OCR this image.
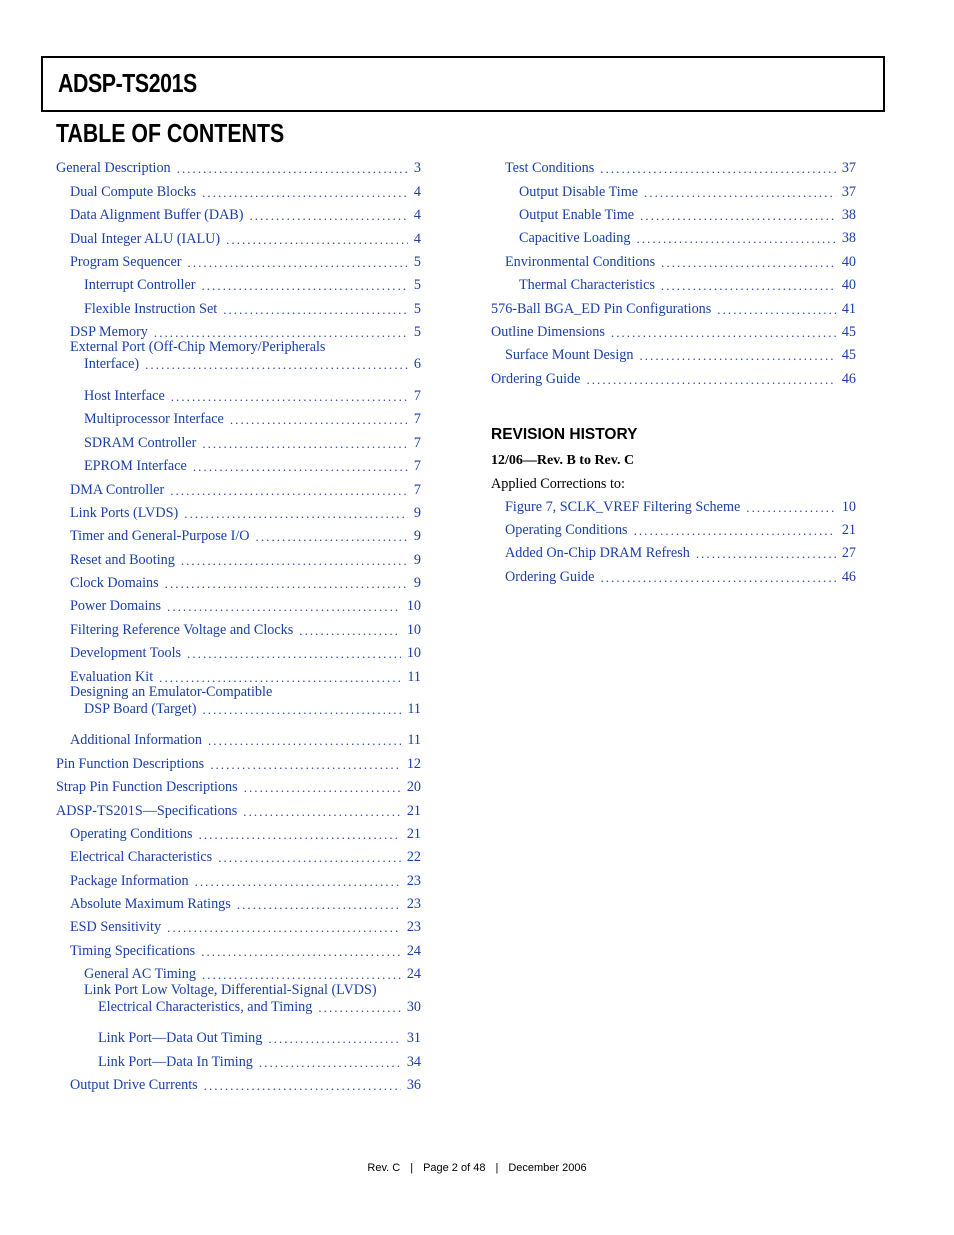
ADSP-TS201S
TABLE OF CONTENTS
REVISION HISTORY
12/06—Rev. B to Rev. C
Applied Corrections to:
Rev. C | Page 2 of 48 | December 2006
General Description . . .	3
Dual Compute Blocks . . .	4
Data Alignment Buffer (DAB) . . .	4
Dual Integer ALU (IALU) . . .	4
Program Sequencer . . .	5
Interrupt Controller . . .	5
Flexible Instruction Set . . .	5
DSP Memory . . .	5
External Port (Off-Chip Memory/Peripherals
Interface) . . .	6
Host Interface . . .	7
Multiprocessor Interface . . .	7
SDRAM Controller . . .	7
EPROM Interface . . .	7
DMA Controller . . .	7
Link Ports (LVDS) . . .	9
Timer and General-Purpose I/O . . .	9
Reset and Booting . . .	9
Clock Domains . . .	9
Power Domains . . .	10
Filtering Reference Voltage and Clocks . . .	10
Development Tools . . .	10
Evaluation Kit . . .	11
Designing an Emulator-Compatible
DSP Board (Target) . . .	11
Additional Information . . .	11
Pin Function Descriptions . . .	12
Strap Pin Function Descriptions . . .	20
ADSP-TS201S—Specifications . . .	21
Operating Conditions . . .	21
Electrical Characteristics . . .	22
Package Information . . .	23
Absolute Maximum Ratings . . .	23
ESD Sensitivity . . .	23
Timing Specifications . . .	24
General AC Timing . . .	24
Link Port Low Voltage, Differential-Signal (LVDS)
Electrical Characteristics, and Timing . . .	30
Link Port—Data Out Timing . . .	31
Link Port—Data In Timing . . .	34
Output Drive Currents . . .	36
Test Conditions . . .	37
Output Disable Time . . .	37
Output Enable Time . . .	38
Capacitive Loading . . .	38
Environmental Conditions . . .	40
Thermal Characteristics . . .	40
576-Ball BGA_ED Pin Configurations . . .	41
Outline Dimensions . . .	45
Surface Mount Design . . .	45
Ordering Guide . . .	46
Figure 7, SCLK_VREF Filtering Scheme . . .	10
Operating Conditions . . .	21
Added On-Chip DRAM Refresh . . .	27
Ordering Guide . . .	46
